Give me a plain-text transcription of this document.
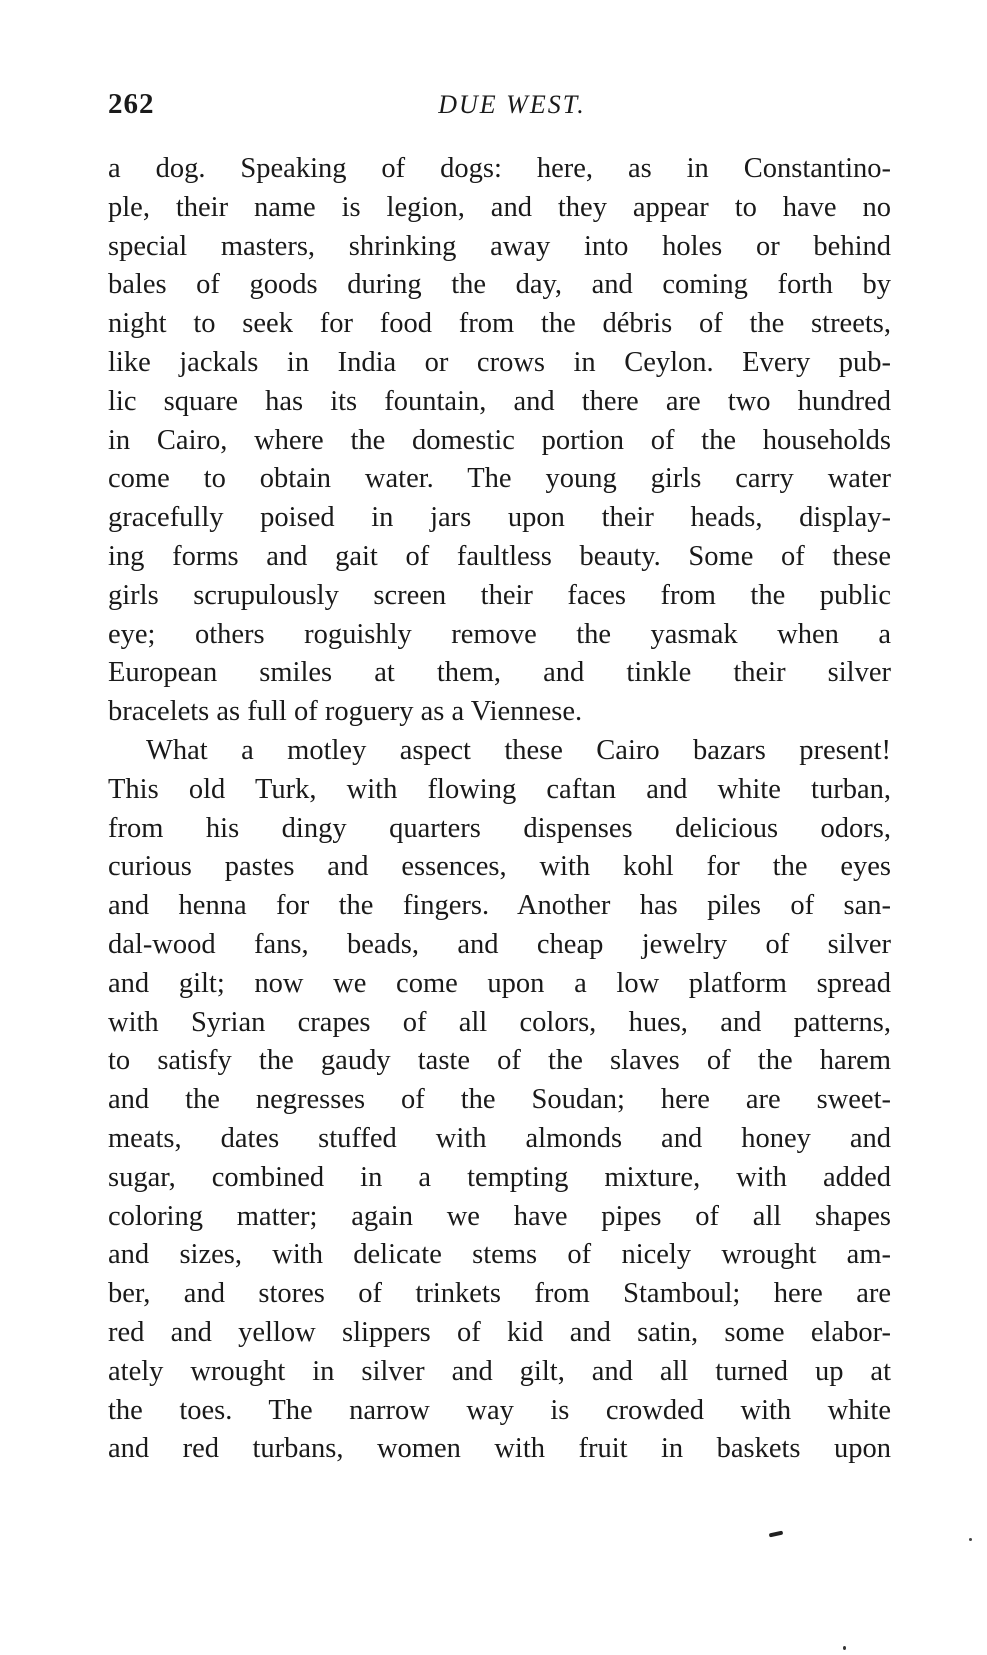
262	DUE WEST.
a dog. Speaking of dogs: here, as in Constantino-
ple, their name is legion, and they appear to have no
special masters, shrinking away into holes or behind
bales of goods during the day, and coming forth by
night to seek for food from the débris of the streets,
like jackals in India or crows in Ceylon. Every pub-
lic square has its fountain, and there are two hundred
in Cairo, where the domestic portion of the households
come to obtain water. The young girls carry water
gracefully poised in jars upon their heads, display-
ing forms and gait of faultless beauty. Some of these
girls scrupulously screen their faces from the public
eye; others roguishly remove the yasmak when a
European smiles at them, and tinkle their silver
bracelets as full of roguery as a Viennese.
What a motley aspect these Cairo bazars present!
This old Turk, with flowing caftan and white turban,
from his dingy quarters dispenses delicious odors,
curious pastes and essences, with kohl for the eyes
and henna for the fingers. Another has piles of san-
dal-wood fans, beads, and cheap jewelry of silver
and gilt; now we come upon a low platform spread
with Syrian crapes of all colors, hues, and patterns,
to satisfy the gaudy taste of the slaves of the harem
and the negresses of the Soudan; here are sweet-
meats, dates stuffed with almonds and honey and
sugar, combined in a tempting mixture, with added
coloring matter; again we have pipes of all shapes
and sizes, with delicate stems of nicely wrought am-
ber, and stores of trinkets from Stamboul; here are
red and yellow slippers of kid and satin, some elabor-
ately wrought in silver and gilt, and all turned up at
the toes. The narrow way is crowded with white
and red turbans, women with fruit in baskets upon
